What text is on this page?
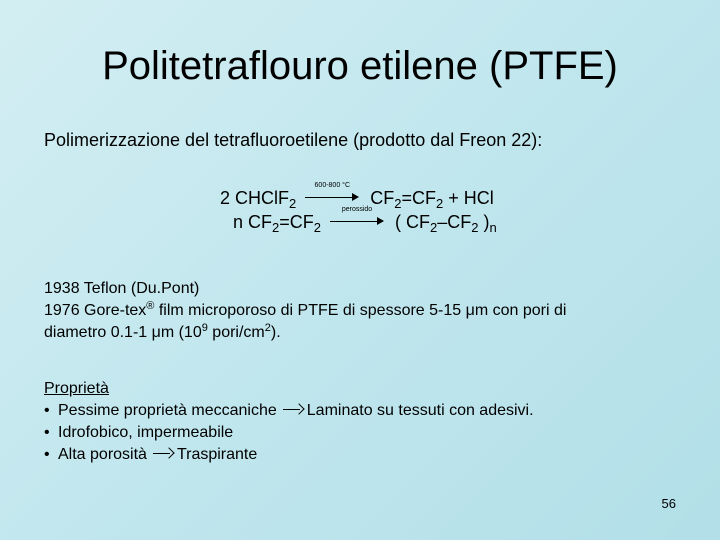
Politetraflouro etilene (PTFE)
Polimerizzazione del tetrafluoroetilene (prodotto dal Freon 22):
2 CHClF$_2$
600-800 °C
$CF_2=CF_2$ + HCl
n $CF_2=CF_2$
perossido
( $CF_2-CF_2$ )$_n$
1938 Teflon (Du.Pont)
1976 Gore-tex® film microporoso di PTFE di spessore 5-15 μm con pori di
diametro 0.1-1 μm ($10^9$ pori/$cm^2$).
Proprietà
• Pessime proprietà meccaniche Laminato su tessuti con adesivi.
• Idrofobico, impermeabile
• Alta porosità Traspirante
56
